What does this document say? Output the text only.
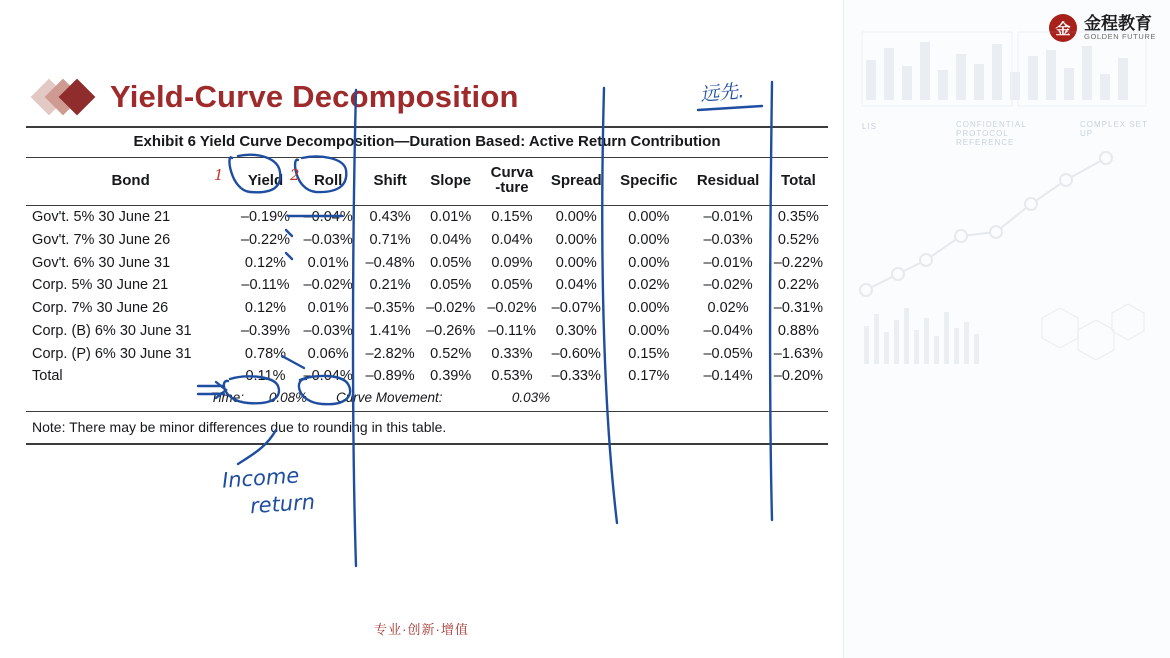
Yield-Curve Decomposition
Exhibit 6 Yield Curve Decomposition—Duration Based: Active Return Contribution
Bond	Yield	Roll	Shift	Slope	Curva
-ture	Spread	Specific	Residual	Total
Gov't. 5% 30 June 21	–0.19%	–0.04%	0.43%	0.01%	0.15%	0.00%	0.00%	–0.01%	0.35%
Gov't. 7% 30 June 26	–0.22%	–0.03%	0.71%	0.04%	0.04%	0.00%	0.00%	–0.03%	0.52%
Gov't. 6% 30 June 31	0.12%	0.01%	–0.48%	0.05%	0.09%	0.00%	0.00%	–0.01%	–0.22%
Corp. 5% 30 June 21	–0.11%	–0.02%	0.21%	0.05%	0.05%	0.04%	0.02%	–0.02%	0.22%
Corp. 7% 30 June 26	0.12%	0.01%	–0.35%	–0.02%	–0.02%	–0.07%	0.00%	0.02%	–0.31%
Corp. (B) 6% 30 June 31	–0.39%	–0.03%	1.41%	–0.26%	–0.11%	0.30%	0.00%	–0.04%	0.88%
Corp. (P) 6% 30 June 31	0.78%	0.06%	–2.82%	0.52%	0.33%	–0.60%	0.15%	–0.05%	–1.63%
Total	0.11%	–0.04%	–0.89%	0.39%	0.53%	–0.33%	0.17%	–0.14%	–0.20%
Time:	0.08%	Curve Movement:	0.03%
Note: There may be minor differences due to rounding in this table.
专业·创新·增值
Income
return
远先.
1	2
金 金程教育
GOLDEN FUTURE
LIS	CONFIDENTIAL PROTOCOL REFERENCE
COMPLEX SET UP
